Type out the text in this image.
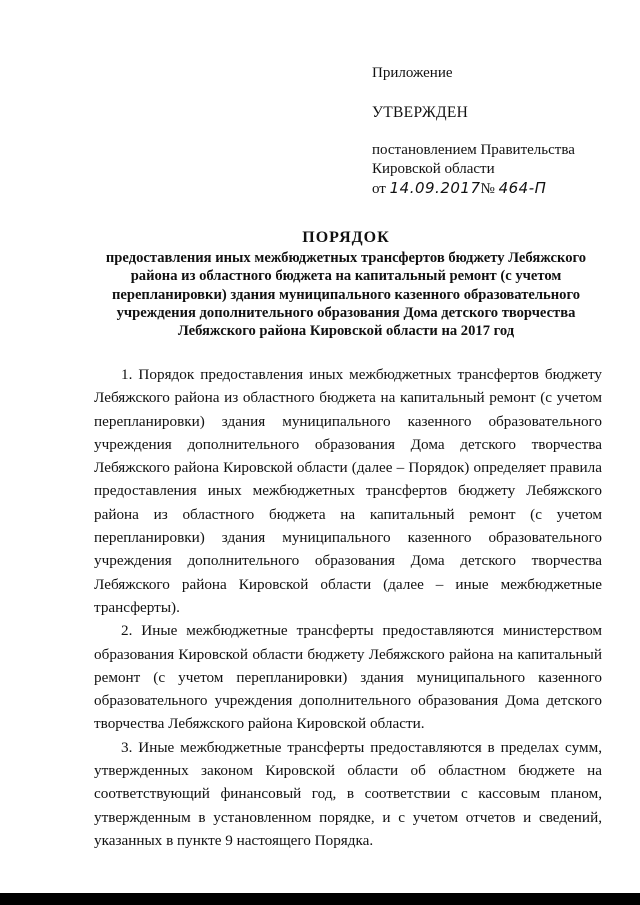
Приложение

УТВЕРЖДЕН

постановлением Правительства

Кировской области

от 14.09.2017№ 464-П

ПОРЯДОК

предоставления иных межбюджетных трансфертов бюджету Лебяжского района из областного бюджета на капитальный ремонт (с учетом перепланировки) здания муниципального казенного образовательного учреждения дополнительного образования Дома детского творчества Лебяжского района Кировской области на 2017 год

1. Порядок предоставления иных межбюджетных трансфертов бюджету Лебяжского района из областного бюджета на капитальный ремонт (с учетом перепланировки) здания муниципального казенного образовательного учреждения дополнительного образования Дома детского творчества Лебяжского района Кировской области (далее – Порядок) определяет правила предоставления иных межбюджетных трансфертов бюджету Лебяжского района из областного бюджета на капитальный ремонт (с учетом перепланировки) здания муниципального казенного образовательного учреждения дополнительного образования Дома детского творчества Лебяжского района Кировской области (далее – иные межбюджетные трансферты).

2. Иные межбюджетные трансферты предоставляются министерством образования Кировской области бюджету Лебяжского района на капитальный ремонт (с учетом перепланировки) здания муниципального казенного образовательного учреждения дополнительного образования Дома детского творчества Лебяжского района Кировской области.

3. Иные межбюджетные трансферты предоставляются в пределах сумм, утвержденных законом Кировской области об областном бюджете на соответствующий финансовый год, в соответствии с кассовым планом, утвержденным в установленном порядке, и с учетом отчетов и сведений, указанных в пункте 9 настоящего Порядка.
